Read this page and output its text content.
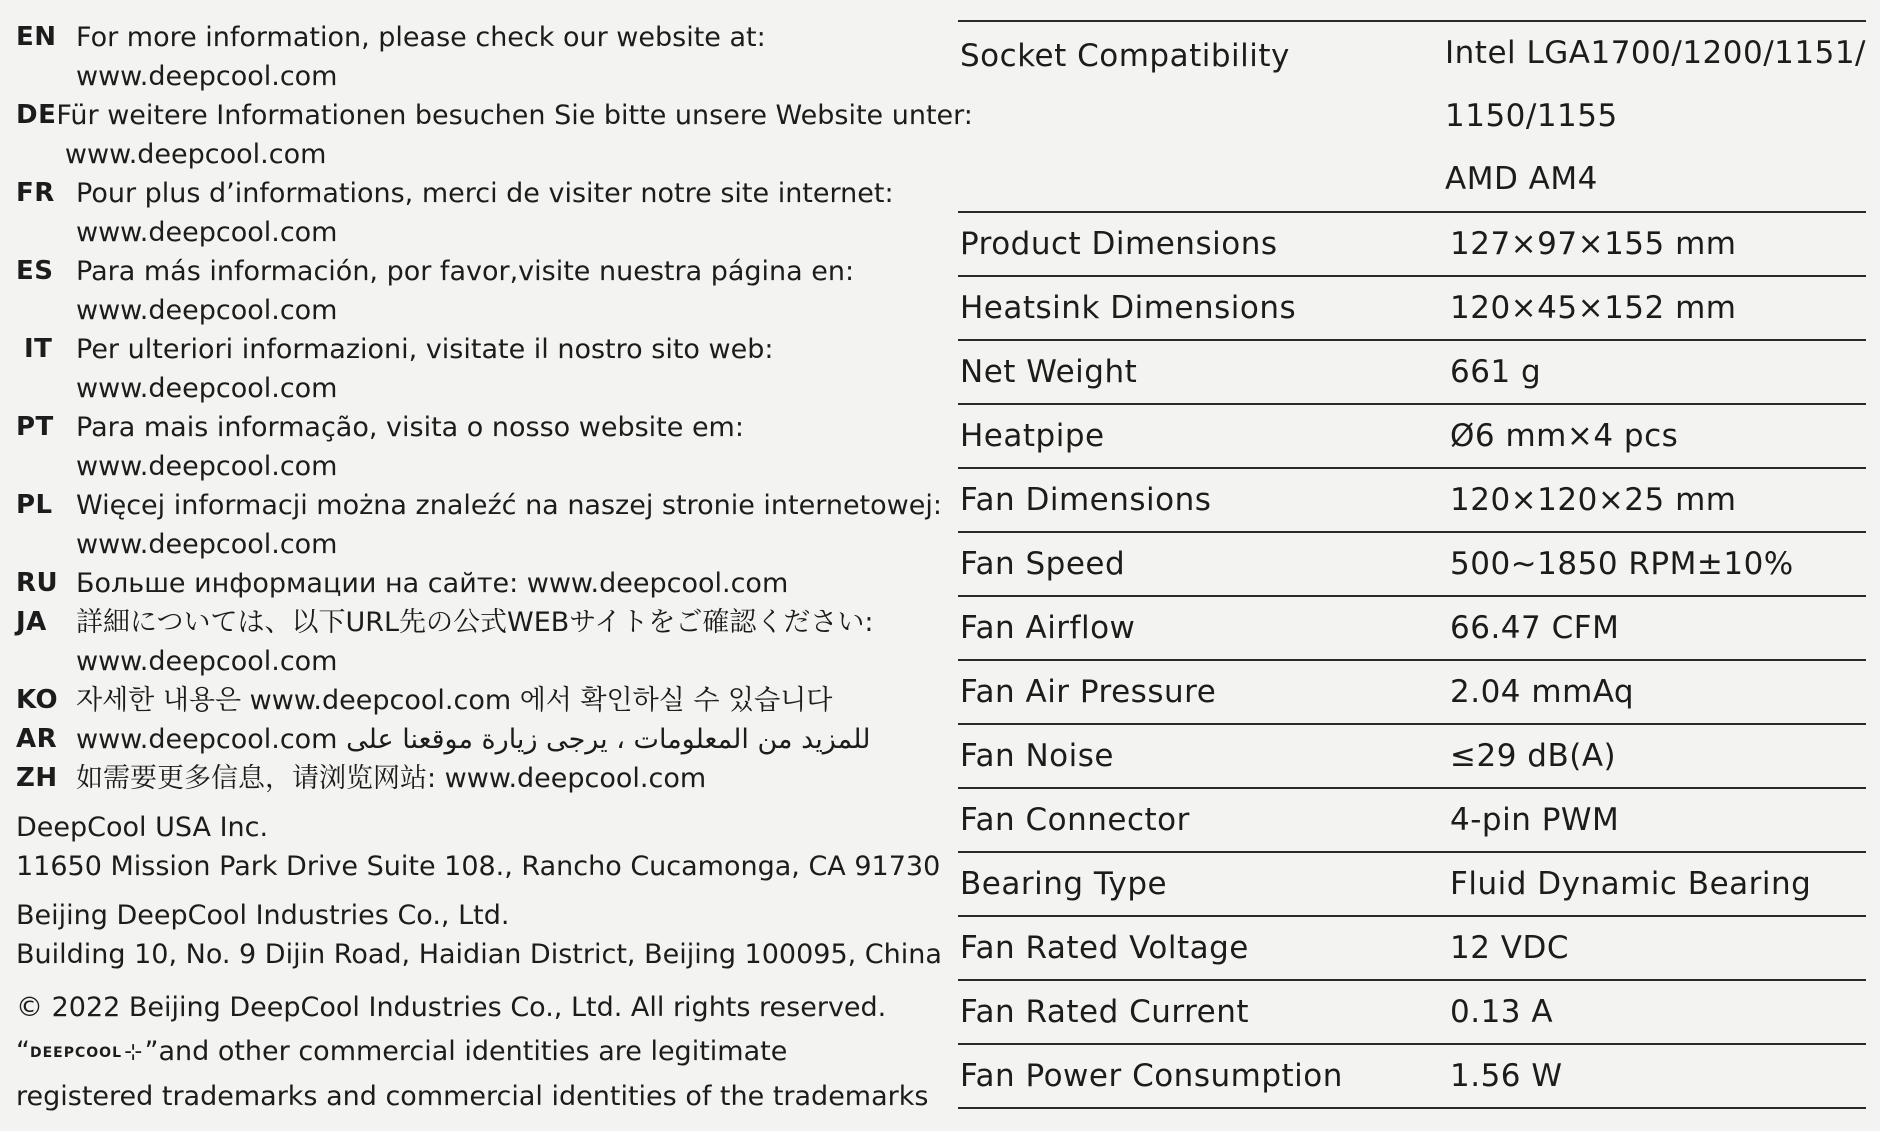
EN For more information, please check our website at:
www.deepcool.com
DE Für weitere Informationen besuchen Sie bitte unsere Website unter:
www.deepcool.com
FR Pour plus d’informations, merci de visiter notre site internet:
www.deepcool.com
ES Para más información, por favor,visite nuestra página en:
www.deepcool.com
IT Per ulteriori informazioni, visitate il nostro sito web:
www.deepcool.com
PT Para mais informação, visita o nosso website em:
www.deepcool.com
PL Więcej informacji można znaleźć na naszej stronie internetowej:
www.deepcool.com
RU Больше информации на сайте: www.deepcool.com
JA	詳細については、以下URL先の公式WEBサイトをご確認ください:
www.deepcool.com
KO 자세한 내용은 www.deepcool.com 에서 확인하실 수 있습니다
AR www.deepcool.com للمزيد من المعلومات ، يرجى زيارة موقعنا على
ZH 如需要更多信息，请浏览网站: www.deepcool.com
DeepCool USA Inc.
11650 Mission Park Drive Suite 108., Rancho Cucamonga, CA 91730
Beijing DeepCool Industries Co., Ltd.
Building 10, No. 9 Dijin Road, Haidian District, Beijing 100095, China
© 2022 Beijing DeepCool Industries Co., Ltd. All rights reserved.
“DEEPCOOL⊹”and other commercial identities are legitimate
registered trademarks and commercial identities of the trademarks
Socket Compatibility	Intel LGA1700/1200/1151/
1150/1155
AMD AM4
Product Dimensions	127×97×155 mm
Heatsink Dimensions	120×45×152 mm
Net Weight	661 g
Heatpipe	Ø6 mm×4 pcs
Fan Dimensions	120×120×25 mm
Fan Speed	500~1850 RPM±10%
Fan Airflow	66.47 CFM
Fan Air Pressure	2.04 mmAq
Fan Noise	≤29 dB(A)
Fan Connector	4-pin PWM
Bearing Type	Fluid Dynamic Bearing
Fan Rated Voltage	12 VDC
Fan Rated Current	0.13 A
Fan Power Consumption	1.56 W
